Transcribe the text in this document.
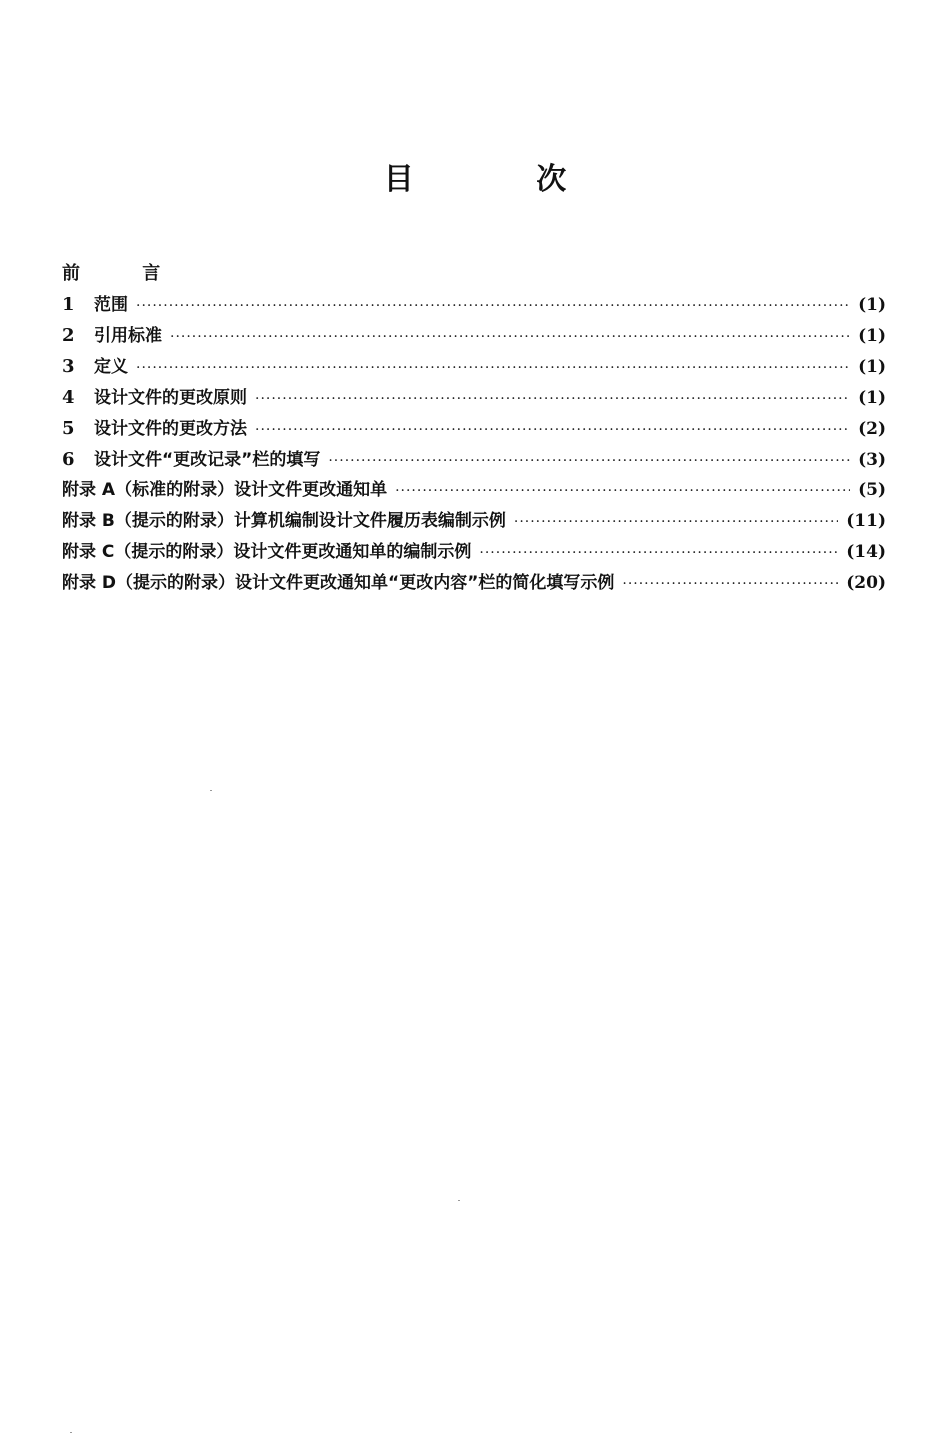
目 次
前 言
1	范围 ·····	(1)
2	引用标准 ·····	(1)
3	定义 ·····	(1)
4	设计文件的更改原则 ·····	(1)
5	设计文件的更改方法 ·····	(2)
6	设计文件“更改记录”栏的填写 ·····	(3)
附录 A（标准的附录）设计文件更改通知单 ·····	(5)
附录 B（提示的附录）计算机编制设计文件履历表编制示例 ·····	(11)
附录 C（提示的附录）设计文件更改通知单的编制示例 ·····	(14)
附录 D（提示的附录）设计文件更改通知单“更改内容”栏的简化填写示例 ·····	(20)
